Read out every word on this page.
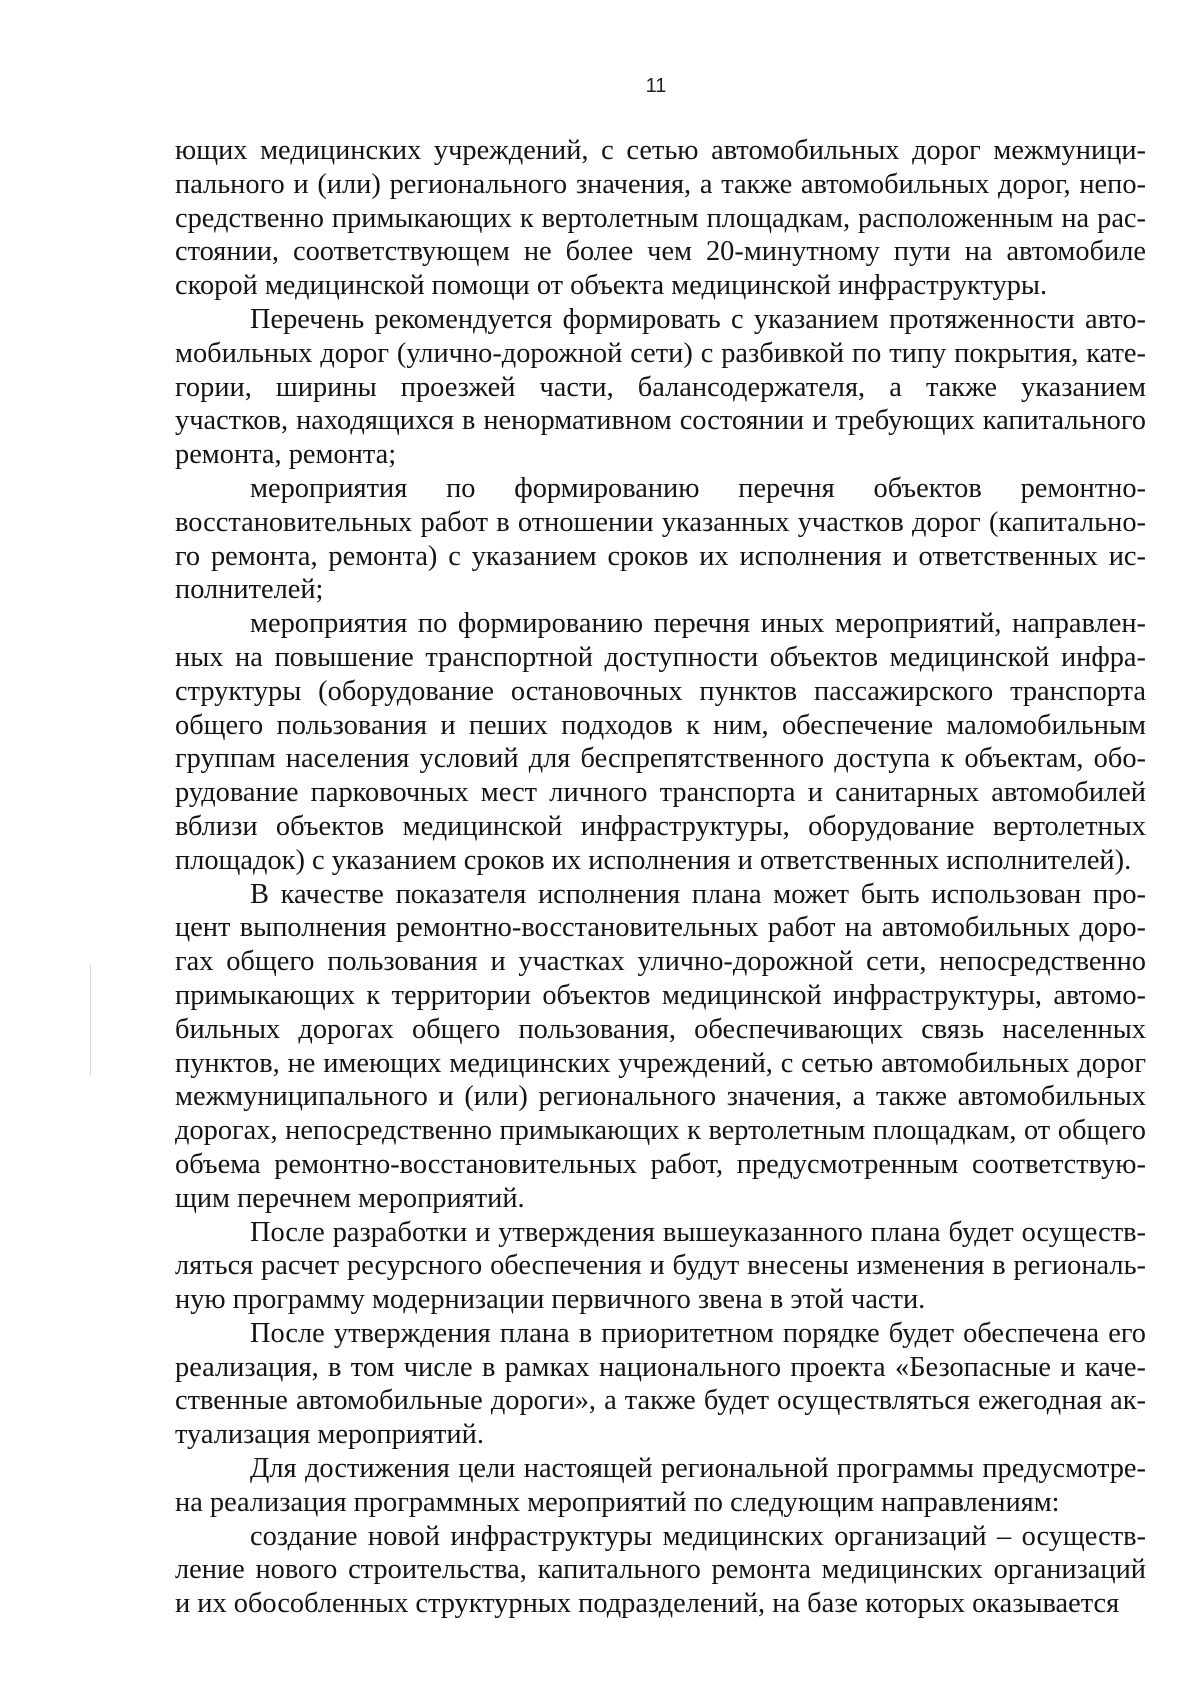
11

ющих медицинских учреждений, с сетью автомобильных дорог межмуниципального и (или) регионального значения, а также автомобильных дорог, непосредственно примыкающих к вертолетным площадкам, расположенным на расстоянии, соответствующем не более чем 20-минутному пути на автомобиле скорой медицинской помощи от объекта медицинской инфраструктуры.

Перечень рекомендуется формировать с указанием протяженности автомобильных дорог (улично-дорожной сети) с разбивкой по типу покрытия, категории, ширины проезжей части, балансодержателя, а также указанием участков, находящихся в ненормативном состоянии и требующих капитального ремонта, ремонта;

мероприятия по формированию перечня объектов ремонтно-восстановительных работ в отношении указанных участков дорог (капитального ремонта, ремонта) с указанием сроков их исполнения и ответственных исполнителей;

мероприятия по формированию перечня иных мероприятий, направленных на повышение транспортной доступности объектов медицинской инфраструктуры (оборудование остановочных пунктов пассажирского транспорта общего пользования и пеших подходов к ним, обеспечение маломобильным группам населения условий для беспрепятственного доступа к объектам, оборудование парковочных мест личного транспорта и санитарных автомобилей вблизи объектов медицинской инфраструктуры, оборудование вертолетных площадок) с указанием сроков их исполнения и ответственных исполнителей).

В качестве показателя исполнения плана может быть использован процент выполнения ремонтно-восстановительных работ на автомобильных дорогах общего пользования и участках улично-дорожной сети, непосредственно примыкающих к территории объектов медицинской инфраструктуры, автомобильных дорогах общего пользования, обеспечивающих связь населенных пунктов, не имеющих медицинских учреждений, с сетью автомобильных дорог межмуниципального и (или) регионального значения, а также автомобильных дорогах, непосредственно примыкающих к вертолетным площадкам, от общего объема ремонтно-восстановительных работ, предусмотренным соответствующим перечнем мероприятий.

После разработки и утверждения вышеуказанного плана будет осуществляться расчет ресурсного обеспечения и будут внесены изменения в региональную программу модернизации первичного звена в этой части.

После утверждения плана в приоритетном порядке будет обеспечена его реализация, в том числе в рамках национального проекта «Безопасные и качественные автомобильные дороги», а также будет осуществляться ежегодная актуализация мероприятий.

Для достижения цели настоящей региональной программы предусмотрена реализация программных мероприятий по следующим направлениям:

создание новой инфраструктуры медицинских организаций – осуществление нового строительства, капитального ремонта медицинских организаций и их обособленных структурных подразделений, на базе которых оказывается
